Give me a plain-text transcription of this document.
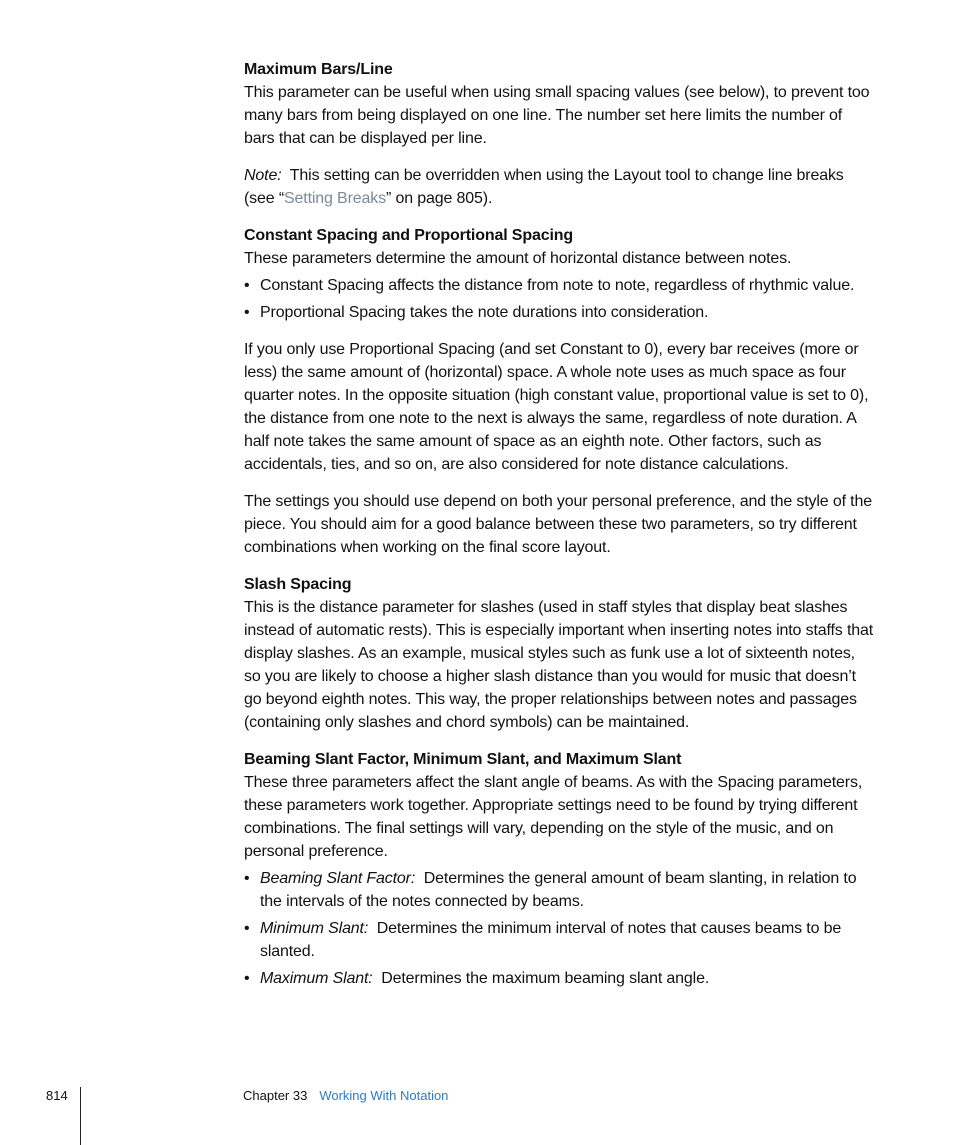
Maximum Bars/Line

This parameter can be useful when using small spacing values (see below), to prevent too many bars from being displayed on one line. The number set here limits the number of bars that can be displayed per line.

Note:  This setting can be overridden when using the Layout tool to change line breaks (see “Setting Breaks” on page 805).

Constant Spacing and Proportional Spacing

These parameters determine the amount of horizontal distance between notes.

• Constant Spacing affects the distance from note to note, regardless of rhythmic value.
• Proportional Spacing takes the note durations into consideration.

If you only use Proportional Spacing (and set Constant to 0), every bar receives (more or less) the same amount of (horizontal) space. A whole note uses as much space as four quarter notes. In the opposite situation (high constant value, proportional value is set to 0), the distance from one note to the next is always the same, regardless of note duration. A half note takes the same amount of space as an eighth note. Other factors, such as accidentals, ties, and so on, are also considered for note distance calculations.

The settings you should use depend on both your personal preference, and the style of the piece. You should aim for a good balance between these two parameters, so try different combinations when working on the final score layout.

Slash Spacing

This is the distance parameter for slashes (used in staff styles that display beat slashes instead of automatic rests). This is especially important when inserting notes into staffs that display slashes. As an example, musical styles such as funk use a lot of sixteenth notes, so you are likely to choose a higher slash distance than you would for music that doesn’t go beyond eighth notes. This way, the proper relationships between notes and passages (containing only slashes and chord symbols) can be maintained.

Beaming Slant Factor, Minimum Slant, and Maximum Slant

These three parameters affect the slant angle of beams. As with the Spacing parameters, these parameters work together. Appropriate settings need to be found by trying different combinations. The final settings will vary, depending on the style of the music, and on personal preference.

• Beaming Slant Factor:  Determines the general amount of beam slanting, in relation to the intervals of the notes connected by beams.
• Minimum Slant:  Determines the minimum interval of notes that causes beams to be slanted.
• Maximum Slant:  Determines the maximum beaming slant angle.
814	Chapter 33 Working With Notation
